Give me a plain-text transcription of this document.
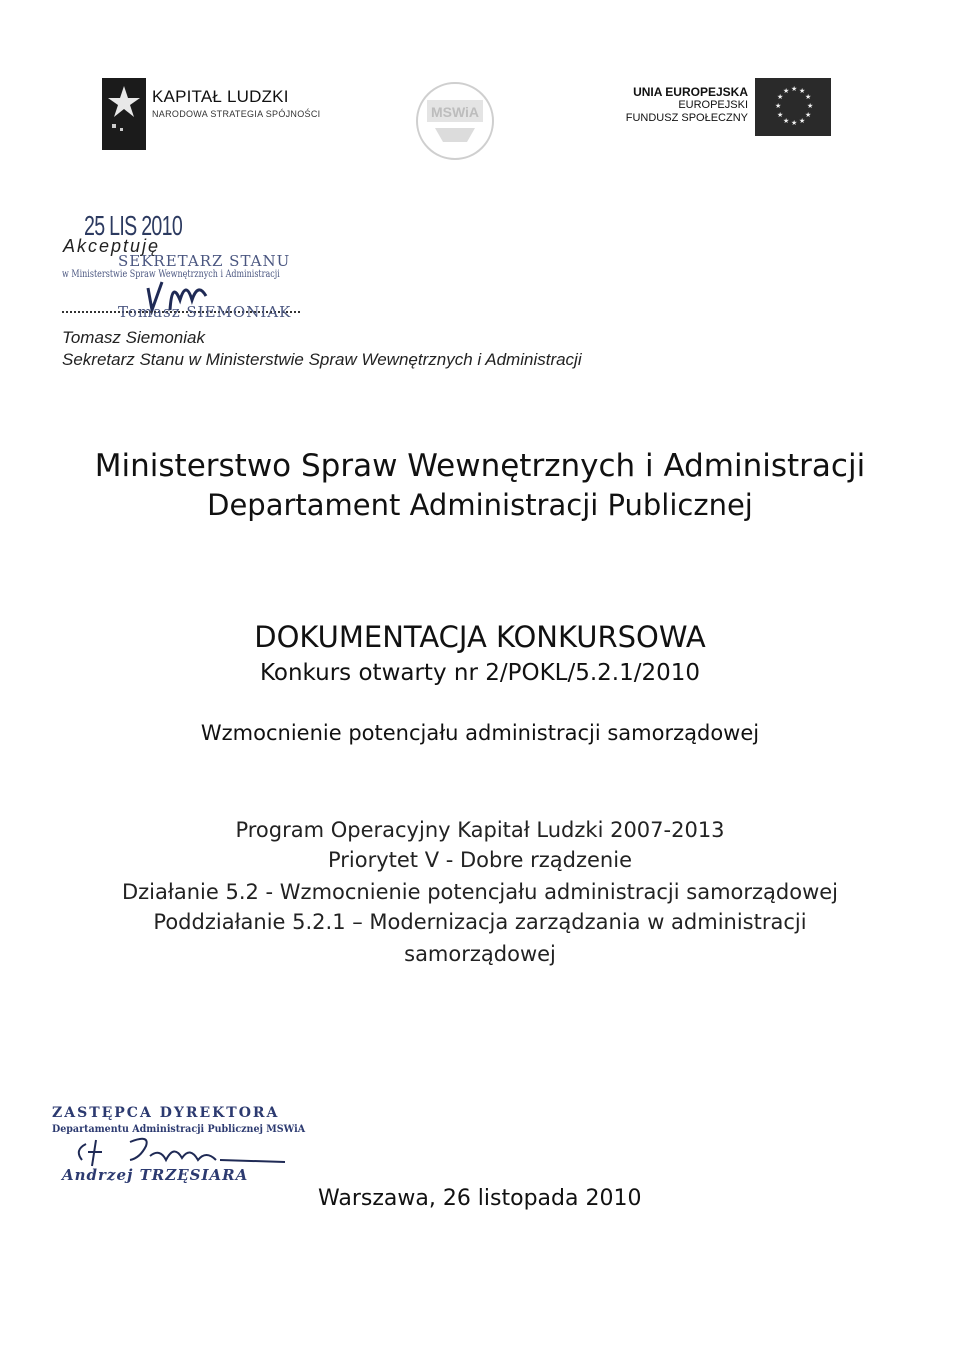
KAPITAŁ LUDZKI
NARODOWA STRATEGIA SPÓJNOŚCI	MSWiA
UNIA EUROPEJSKA
EUROPEJSKI
FUNDUSZ SPOŁECZNY
★ ★
★
★
★
★
★
★
★
★
★
★
25 LIS 2010
Akceptuję
SEKRETARZ STANU
w Ministerstwie Spraw Wewnętrznych i Administracji
Tomasz SIEMONIAK
Tomasz Siemoniak
Sekretarz Stanu w Ministerstwie Spraw Wewnętrznych i Administracji
Ministerstwo Spraw Wewnętrznych i Administracji
Departament Administracji Publicznej
DOKUMENTACJA KONKURSOWA
Konkurs otwarty nr 2/POKL/5.2.1/2010
Wzmocnienie potencjału administracji samorządowej
Program Operacyjny Kapitał Ludzki 2007-2013
Priorytet V - Dobre rządzenie
Działanie 5.2 - Wzmocnienie potencjału administracji samorządowej
Poddziałanie 5.2.1 – Modernizacja zarządzania w administracji
samorządowej
ZASTĘPCA DYREKTORA
Departamentu Administracji Publicznej MSWiA
Andrzej TRZĘSIARA
Warszawa, 26 listopada 2010
